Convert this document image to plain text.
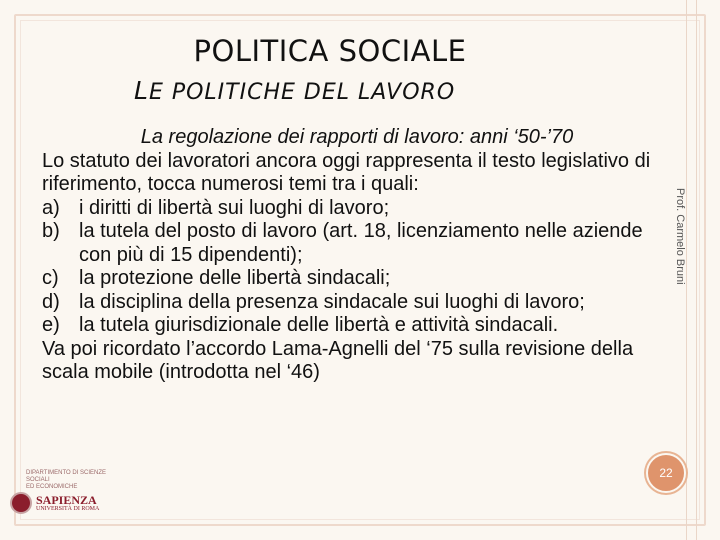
POLITICA SOCIALE
LE POLITICHE DEL LAVORO
La regolazione dei rapporti di lavoro: anni ‘50-’70

Lo statuto dei lavoratori ancora oggi rappresenta il testo legislativo di riferimento, tocca numerosi temi tra i quali:

a) i diritti di libertà sui luoghi di lavoro;
b) la tutela del posto di lavoro (art. 18, licenziamento nelle aziende con più di 15 dipendenti);
c)	la protezione delle libertà sindacali;
d) la disciplina della presenza sindacale sui luoghi di lavoro;
e) la tutela giurisdizionale delle libertà e attività sindacali.

Va poi ricordato l’accordo Lama-Agnelli del ‘75 sulla revisione della scala mobile (introdotta nel ‘46)

Prof. Carmelo Bruni
22
DIPARTIMENTO DI SCIENZE SOCIALI
ED ECONOMICHE
SAPIENZA
UNIVERSITÀ DI ROMA
